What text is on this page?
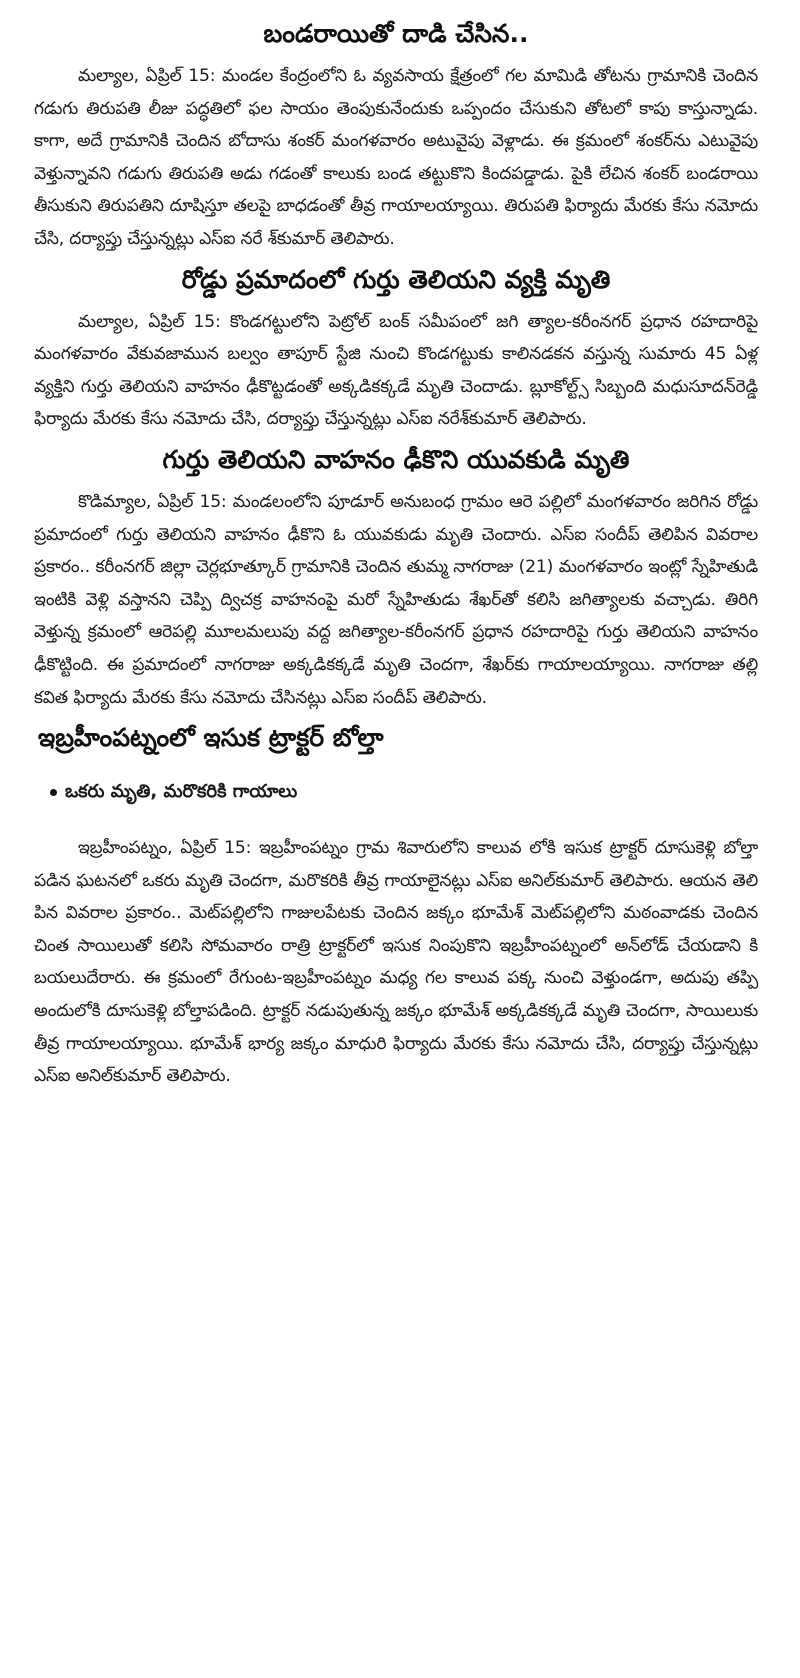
బండరాయితో దాడి చేసిన..

మల్యాల, ఏప్రిల్ 15: మండల కేంద్రంలోని ఓ వ్యవసాయ క్షేత్రంలో గల మామిడి తోటను గ్రామానికి చెందిన గడుగు తిరుపతి లీజు పద్ధతిలో ఫల సాయం తెంపుకునేందుకు ఒప్పందం చేసుకుని తోటలో కాపు కాస్తున్నాడు. కాగా, అదే గ్రామానికి చెందిన బోదాసు శంకర్ మంగళవారం అటువైపు వెళ్లాడు. ఈ క్రమంలో శంకర్‌ను ఎటువైపు వెళ్తున్నావని గడుగు తిరుపతి అడు గడంతో కాలుకు బండ తట్టుకొని కిందపడ్డాడు. పైకి లేచిన శంకర్ బండరాయి తీసుకుని తిరుపతిని దూషిస్తూ తలపై బాధడంతో తీవ్ర గాయాలయ్యాయి. తిరుపతి ఫిర్యాదు మేరకు కేసు నమోదు చేసి, దర్యాప్తు చేస్తున్నట్లు ఎస్ఐ నరే శ్‌కుమార్ తెలిపారు.

రోడ్డు ప్రమాదంలో గుర్తు తెలియని వ్యక్తి మృతి

మల్యాల, ఏప్రిల్ 15: కొండగట్టులోని పెట్రోల్ బంక్ సమీపంలో జగి త్యాల-కరీంనగర్ ప్రధాన రహదారిపై మంగళవారం వేకువజామున బల్వం తాపూర్ స్టేజి నుంచి కొండగట్టుకు కాలినడకన వస్తున్న సుమారు 45 ఏళ్ల వ్యక్తిని గుర్తు తెలియని వాహనం ఢీకొట్టడంతో అక్కడికక్కడే మృతి చెందాడు. బ్లూకోల్ట్స్ సిబ్బంది మధుసూదన్‌రెడ్డి ఫిర్యాదు మేరకు కేసు నమోదు చేసి, దర్యాప్తు చేస్తున్నట్లు ఎస్ఐ నరేశ్‌కుమార్ తెలిపారు.

గుర్తు తెలియని వాహనం ఢీకొని యువకుడి మృతి

కొడిమ్యాల, ఏప్రిల్ 15: మండలంలోని పూడూర్ అనుబంధ గ్రామం ఆరె పల్లిలో మంగళవారం జరిగిన రోడ్డు ప్రమాదంలో గుర్తు తెలియని వాహనం ఢీకొని ఓ యువకుడు మృతి చెందారు. ఎస్ఐ సందీప్ తెలిపిన వివరాల ప్రకారం.. కరీంనగర్ జిల్లా చెర్లభూత్కూర్ గ్రామానికి చెందిన తుమ్మ నాగరాజు (21) మంగళవారం ఇంట్లో స్నేహితుడి ఇంటికి వెళ్లి వస్తానని చెప్పి ద్విచక్ర వాహనంపై మరో స్నేహితుడు శేఖర్‌తో కలిసి జగిత్యాలకు వచ్చాడు. తిరిగి వెళ్తున్న క్రమంలో ఆరెపల్లి మూలమలుపు వద్ద జగిత్యాల-కరీంనగర్ ప్రధాన రహదారిపై గుర్తు తెలియని వాహనం ఢీకొట్టింది. ఈ ప్రమాదంలో నాగరాజు అక్కడికక్కడే మృతి చెందగా, శేఖర్‌కు గాయాలయ్యాయి. నాగరాజు తల్లి కవిత ఫిర్యాదు మేరకు కేసు నమోదు చేసినట్లు ఎస్ఐ సందీప్ తెలిపారు.

ఇబ్రహీంపట్నంలో ఇసుక ట్రాక్టర్ బోల్తా
ఒకరు మృతి, మరొకరికి గాయాలు

ఇబ్రహీంపట్నం, ఏప్రిల్ 15: ఇబ్రహీంపట్నం గ్రామ శివారులోని కాలువ లోకి ఇసుక ట్రాక్టర్ దూసుకెళ్లి బోల్తా పడిన ఘటనలో ఒకరు మృతి చెందగా, మరొకరికి తీవ్ర గాయాలైనట్లు ఎస్ఐ అనిల్‌కుమార్ తెలిపారు. ఆయన తెలి పిన వివరాల ప్రకారం.. మెట్‌పల్లిలోని గాజులపేటకు చెందిన జక్కం భూమేశ్ మెట్‌పల్లిలోని మఠంవాడకు చెందిన చింత సాయిలుతో కలిసి సోమవారం రాత్రి ట్రాక్టర్‌లో ఇసుక నింపుకొని ఇబ్రహీంపట్నంలో అన్‌లోడ్ చేయడాని కి బయలుదేరారు. ఈ క్రమంలో రేగుంట-ఇబ్రహీంపట్నం మధ్య గల కాలువ పక్క నుంచి వెళ్తుండగా, అదుపు తప్పి అందులోకి దూసుకెళ్లి బోల్తాపడింది. ట్రాక్టర్ నడుపుతున్న జక్కం భూమేశ్ అక్కడికక్కడే మృతి చెందగా, సాయిలుకు తీవ్ర గాయాలయ్యాయి. భూమేశ్ భార్య జక్కం మాధురి ఫిర్యాదు మేరకు కేసు నమోదు చేసి, దర్యాప్తు చేస్తున్నట్లు ఎస్ఐ అనిల్‌కుమార్ తెలిపారు.
